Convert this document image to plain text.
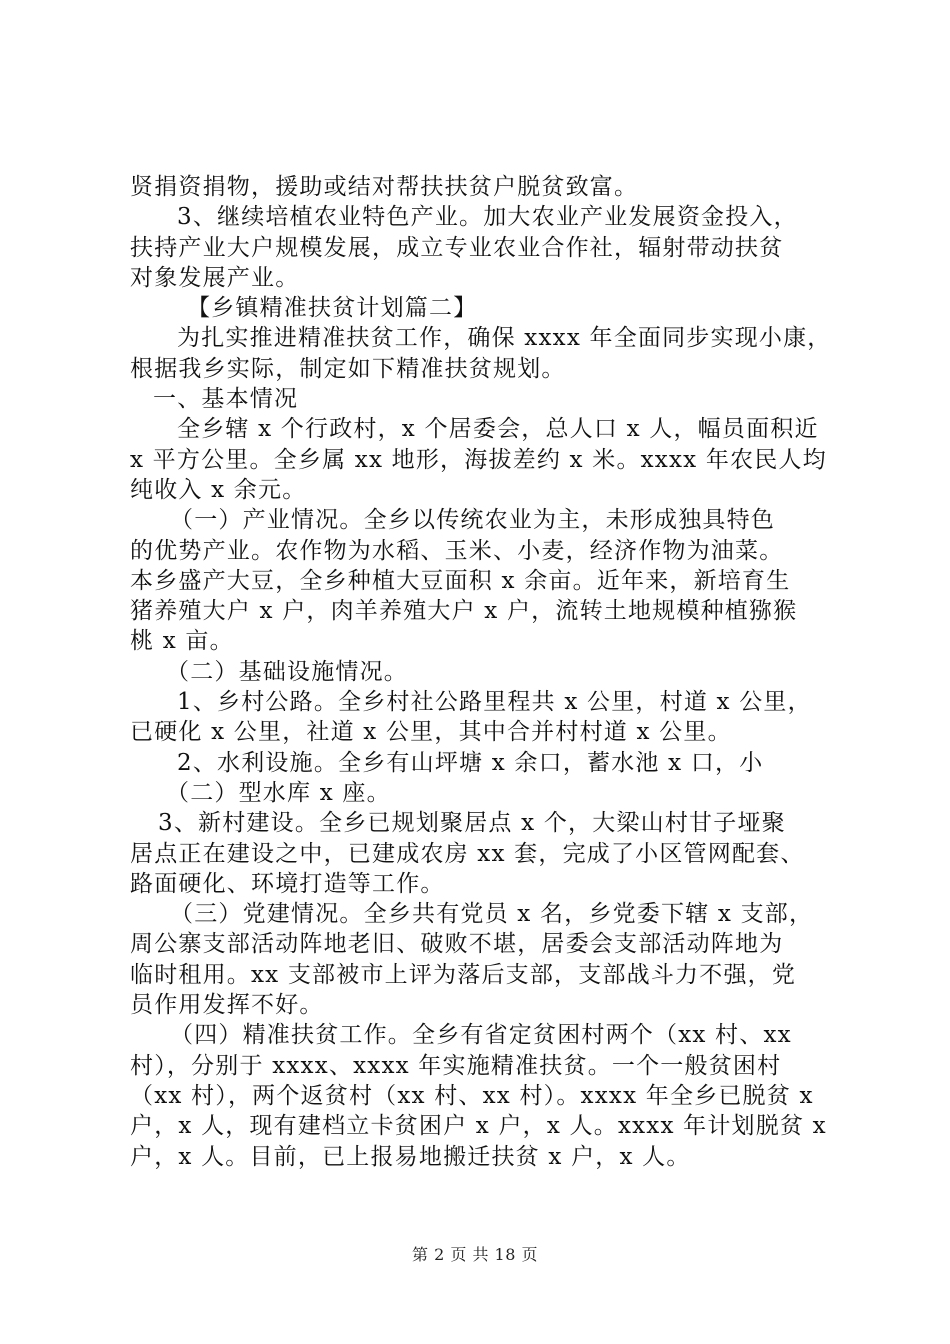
贤捐资捐物，援助或结对帮扶扶贫户脱贫致富。
3、继续培植农业特色产业。加大农业产业发展资金投入，
扶持产业大户规模发展，成立专业农业合作社，辐射带动扶贫
对象发展产业。
【乡镇精准扶贫计划篇二】
为扎实推进精准扶贫工作，确保 xxxx 年全面同步实现小康，
根据我乡实际，制定如下精准扶贫规划。
一、基本情况
全乡辖 x 个行政村，x 个居委会，总人口 x 人，幅员面积近
x 平方公里。全乡属 xx 地形，海拔差约 x 米。xxxx 年农民人均
纯收入 x 余元。
（一）产业情况。全乡以传统农业为主，未形成独具特色
的优势产业。农作物为水稻、玉米、小麦，经济作物为油菜。
本乡盛产大豆，全乡种植大豆面积 x 余亩。近年来，新培育生
猪养殖大户 x 户，肉羊养殖大户 x 户，流转土地规模种植猕猴
桃 x 亩。
（二）基础设施情况。
1、乡村公路。全乡村社公路里程共 x 公里，村道 x 公里，
已硬化 x 公里，社道 x 公里，其中合并村村道 x 公里。
2、水利设施。全乡有山坪塘 x 余口，蓄水池 x 口，小
（二）型水库 x 座。
3、新村建设。全乡已规划聚居点 x 个，大梁山村甘子垭聚
居点正在建设之中，已建成农房 xx 套，完成了小区管网配套、
路面硬化、环境打造等工作。
（三）党建情况。全乡共有党员 x 名，乡党委下辖 x 支部，
周公寨支部活动阵地老旧、破败不堪，居委会支部活动阵地为
临时租用。xx 支部被市上评为落后支部，支部战斗力不强，党
员作用发挥不好。
（四）精准扶贫工作。全乡有省定贫困村两个（xx 村、xx
村），分别于 xxxx、xxxx 年实施精准扶贫。一个一般贫困村
（xx 村），两个返贫村（xx 村、xx 村）。xxxx 年全乡已脱贫 x
户，x 人，现有建档立卡贫困户 x 户，x 人。xxxx 年计划脱贫 x
户，x 人。目前，已上报易地搬迁扶贫 x 户，x 人。
第 2 页 共 18 页
